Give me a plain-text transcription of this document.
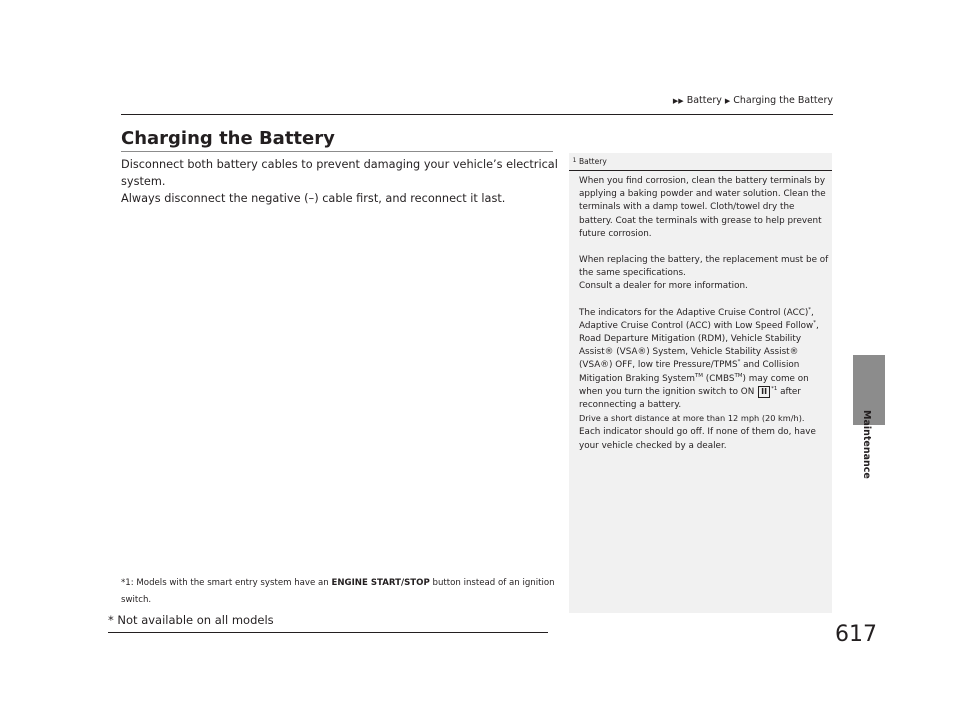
▶▶ Battery ▶ Charging the Battery
Maintenance
617
Charging the Battery

Disconnect both battery cables to prevent damaging your vehicle’s electrical system.

Always disconnect the negative (–) cable first, and reconnect it last.

*1: Models with the smart entry system have an ENGINE START/STOP button instead of an ignition switch.
1 Battery

When you find corrosion, clean the battery terminals by applying a baking powder and water solution. Clean the terminals with a damp towel. Cloth/towel dry the battery. Coat the terminals with grease to help prevent future corrosion.

When replacing the battery, the replacement must be of the same specifications.
Consult a dealer for more information.

The indicators for the Adaptive Cruise Control (ACC)*, Adaptive Cruise Control (ACC) with Low Speed Follow*, Road Departure Mitigation (RDM), Vehicle Stability Assist® (VSA®) System, Vehicle Stability Assist® (VSA®) OFF, low tire Pressure/TPMS* and Collision Mitigation Braking System™ (CMBS™) may come on when you turn the ignition switch to ON II $^{*1}$ after reconnecting a battery.
Drive a short distance at more than 12 mph (20 km/h).
Each indicator should go off. If none of them do, have your vehicle checked by a dealer.

* Not available on all models
